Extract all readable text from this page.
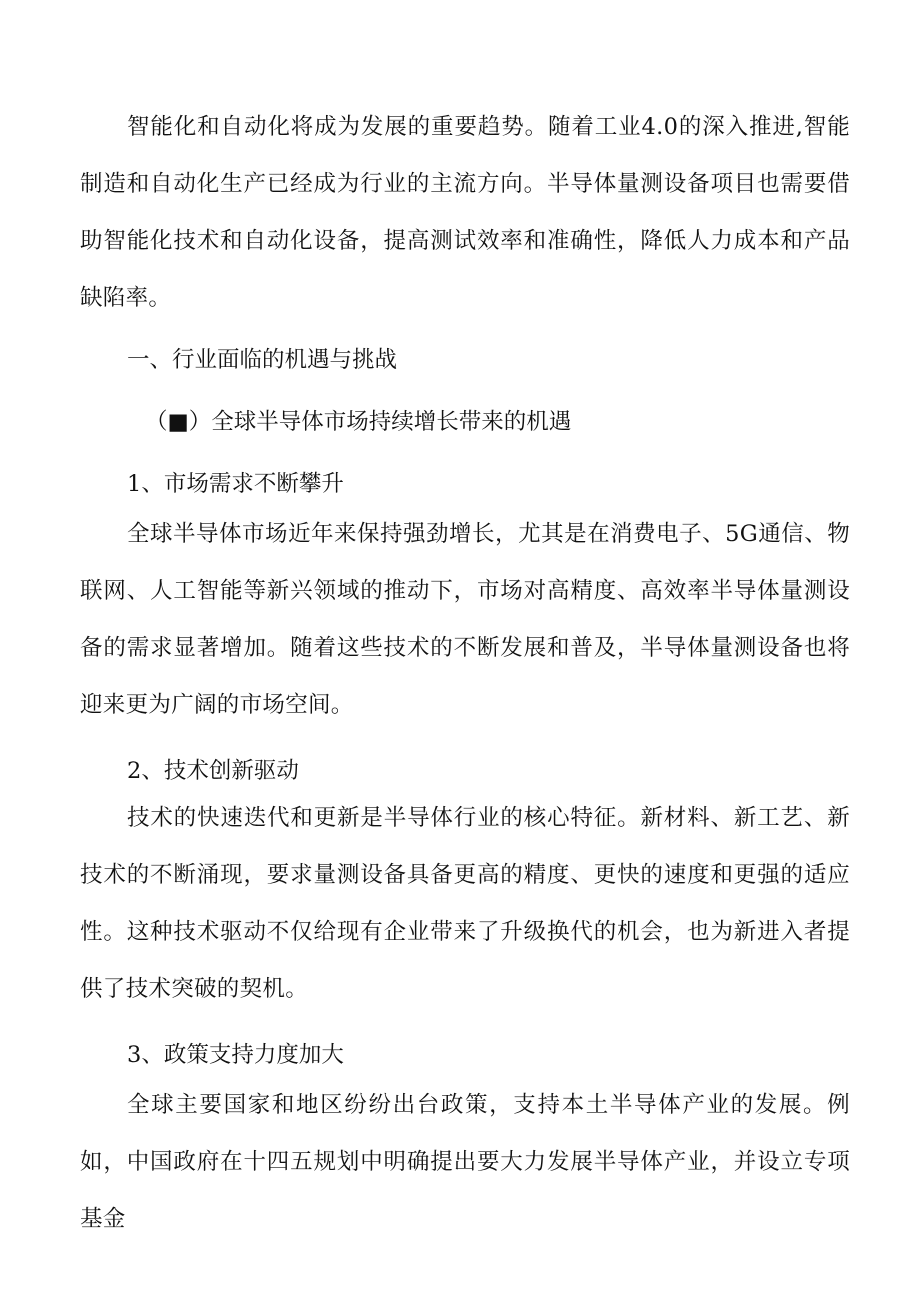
智能化和自动化将成为发展的重要趋势。随着工业4.0的深入推进,智能制造和自动化生产已经成为行业的主流方向。半导体量测设备项目也需要借助智能化技术和自动化设备，提高测试效率和准确性，降低人力成本和产品缺陷率。

一、行业面临的机遇与挑战
（■）全球半导体市场持续增长带来的机遇
1、市场需求不断攀升

全球半导体市场近年来保持强劲增长，尤其是在消费电子、5G通信、物联网、人工智能等新兴领域的推动下，市场对高精度、高效率半导体量测设备的需求显著增加。随着这些技术的不断发展和普及，半导体量测设备也将迎来更为广阔的市场空间。

2、技术创新驱动

技术的快速迭代和更新是半导体行业的核心特征。新材料、新工艺、新技术的不断涌现，要求量测设备具备更高的精度、更快的速度和更强的适应性。这种技术驱动不仅给现有企业带来了升级换代的机会，也为新进入者提供了技术突破的契机。

3、政策支持力度加大

全球主要国家和地区纷纷出台政策，支持本土半导体产业的发展。例如，中国政府在十四五规划中明确提出要大力发展半导体产业，并设立专项基金
